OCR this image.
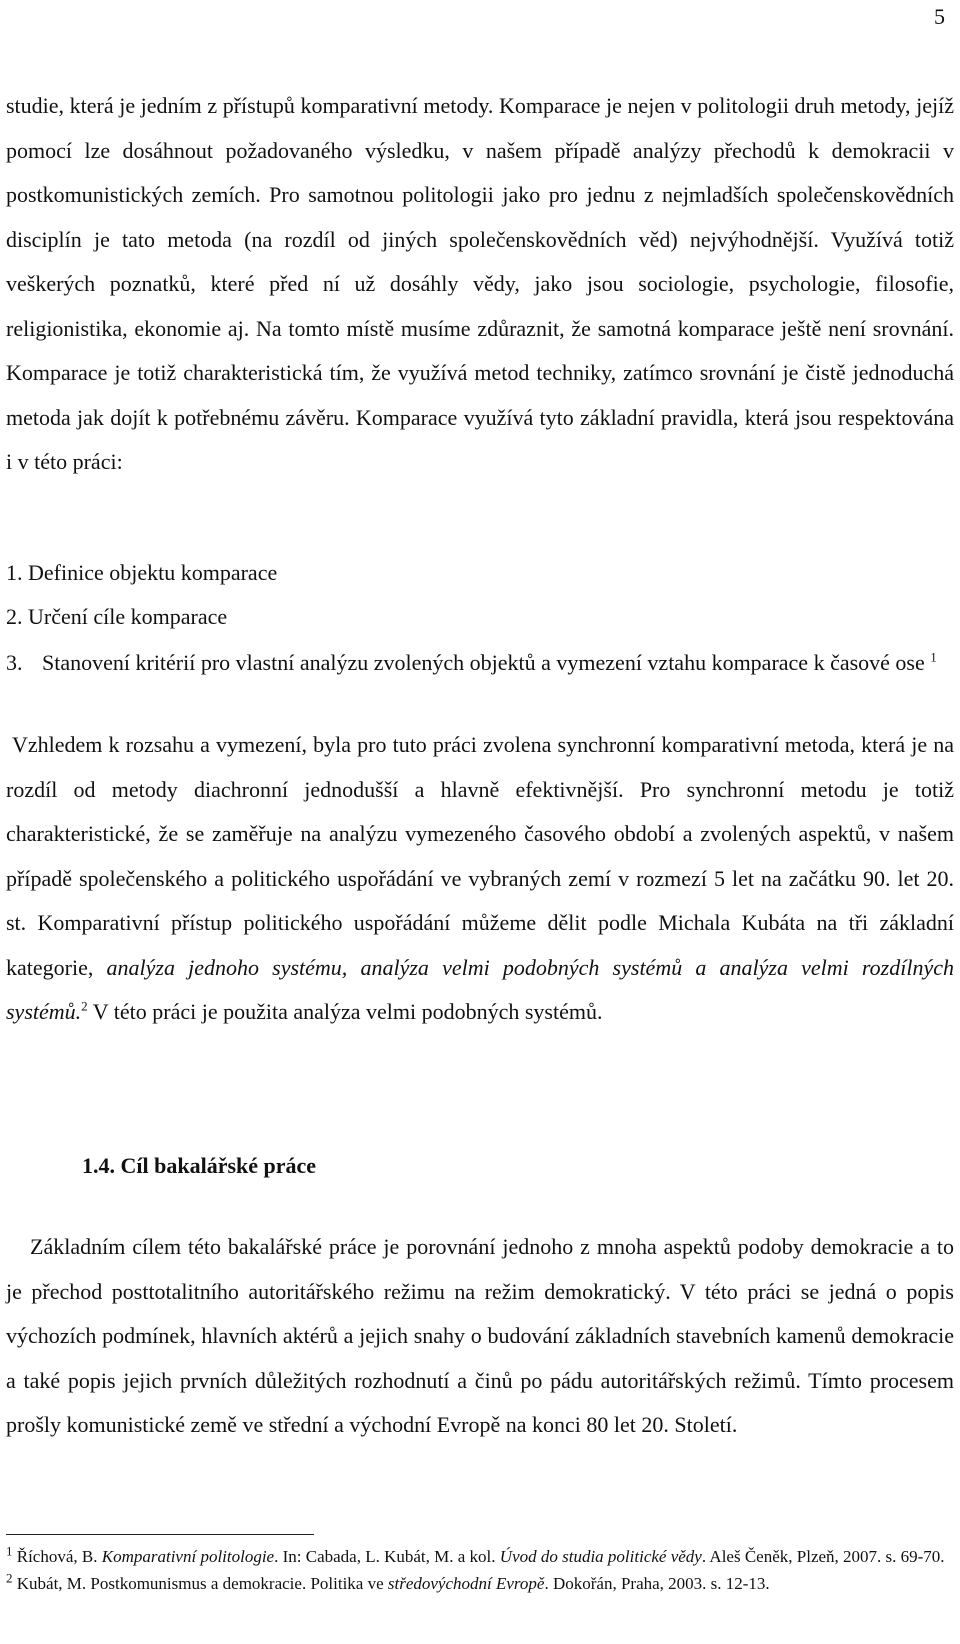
5
studie, která je jedním z přístupů komparativní metody. Komparace je nejen v politologii druh metody, jejíž pomocí lze dosáhnout požadovaného výsledku, v našem případě analýzy přechodů k demokracii v postkomunistických zemích. Pro samotnou politologii jako pro jednu z nejmladších společenskovědních disciplín je tato metoda (na rozdíl od jiných společenskovědních věd) nejvýhodnější. Využívá totiž veškerých poznatků, které před ní už dosáhly vědy, jako jsou sociologie, psychologie, filosofie, religionistika, ekonomie aj. Na tomto místě musíme zdůraznit, že samotná komparace ještě není srovnání. Komparace je totiž charakteristická tím, že využívá metod techniky, zatímco srovnání je čistě jednoduchá metoda jak dojít k potřebnému závěru. Komparace využívá tyto základní pravidla, která jsou respektována i v této práci:
1. Definice objektu komparace
2. Určení cíle komparace
3. Stanovení kritérií pro vlastní analýzu zvolených objektů a vymezení vztahu komparace k časové ose $^1$
Vzhledem k rozsahu a vymezení, byla pro tuto práci zvolena synchronní komparativní metoda, která je na rozdíl od metody diachronní jednodušší a hlavně efektivnější. Pro synchronní metodu je totiž charakteristické, že se zaměřuje na analýzu vymezeného časového období a zvolených aspektů, v našem případě společenského a politického uspořádání ve vybraných zemí v rozmezí 5 let na začátku 90. let 20. st. Komparativní přístup politického uspořádání můžeme dělit podle Michala Kubáta na tři základní kategorie, analýza jednoho systému, analýza velmi podobných systémů a analýza velmi rozdílných systémů.$^2$ V této práci je použita analýza velmi podobných systémů.
1.4. Cíl bakalářské práce
Základním cílem této bakalářské práce je porovnání jednoho z mnoha aspektů podoby demokracie a to je přechod posttotalitního autoritářského režimu na režim demokratický. V této práci se jedná o popis výchozích podmínek, hlavních aktérů a jejich snahy o budování základních stavebních kamenů demokracie a také popis jejich prvních důležitých rozhodnutí a činů po pádu autoritářských režimů. Tímto procesem prošly komunistické země ve střední a východní Evropě na konci 80 let 20. Století.
$^1$ Říchová, B. Komparativní politologie. In: Cabada, L. Kubát, M. a kol. Úvod do studia politické vědy. Aleš Čeněk, Plzeň, 2007. s. 69-70.
$^2$ Kubát, M. Postkomunismus a demokracie. Politika ve středovýchodní Evropě. Dokořán, Praha, 2003. s. 12-13.
